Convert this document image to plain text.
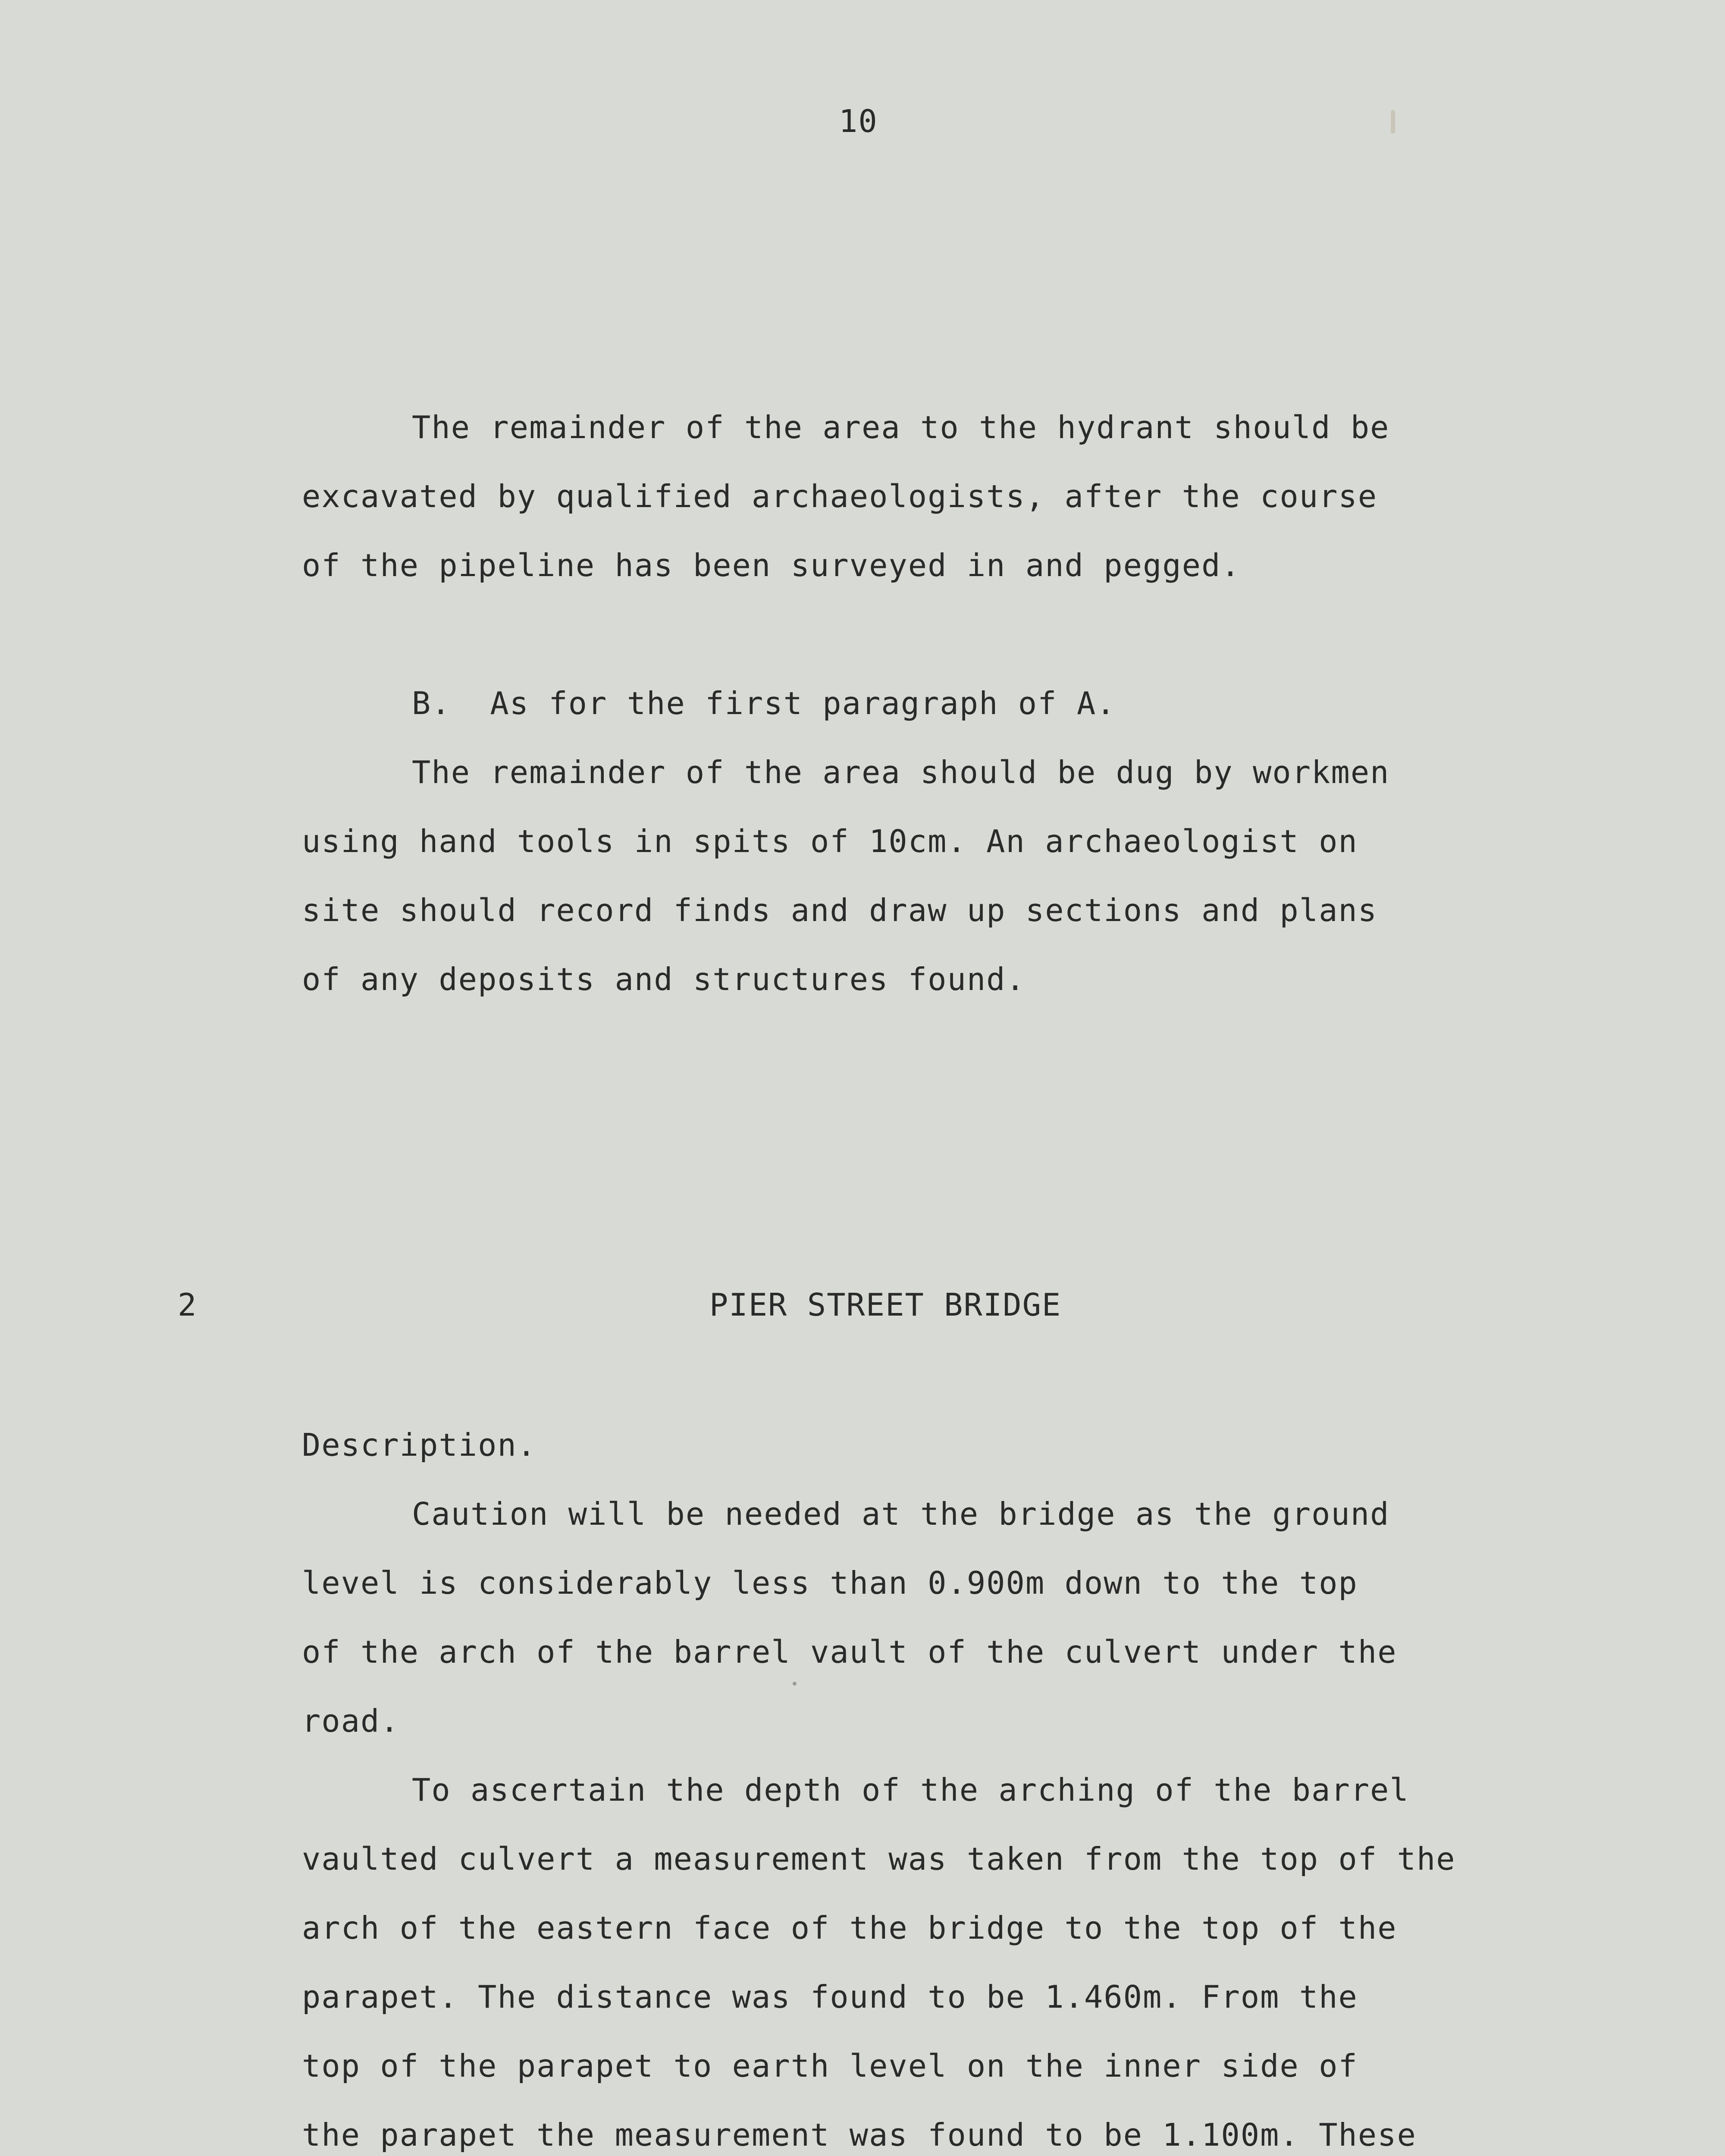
10
The remainder of the area to the hydrant should be
excavated by qualified archaeologists, after the course
of the pipeline has been surveyed in and pegged.
B.  As for the first paragraph of A.
The remainder of the area should be dug by workmen
using hand tools in spits of 10cm. An archaeologist on
site should record finds and draw up sections and plans
of any deposits and structures found.
2	PIER STREET BRIDGE
Description.
Caution will be needed at the bridge as the ground
level is considerably less than 0.900m down to the top
of the arch of the barrel vault of the culvert under the
road.
To ascertain the depth of the arching of the barrel
vaulted culvert a measurement was taken from the top of the
arch of the eastern face of the bridge to the top of the
parapet. The distance was found to be 1.460m. From the
top of the parapet to earth level on the inner side of
the parapet the measurement was found to be 1.100m. These
